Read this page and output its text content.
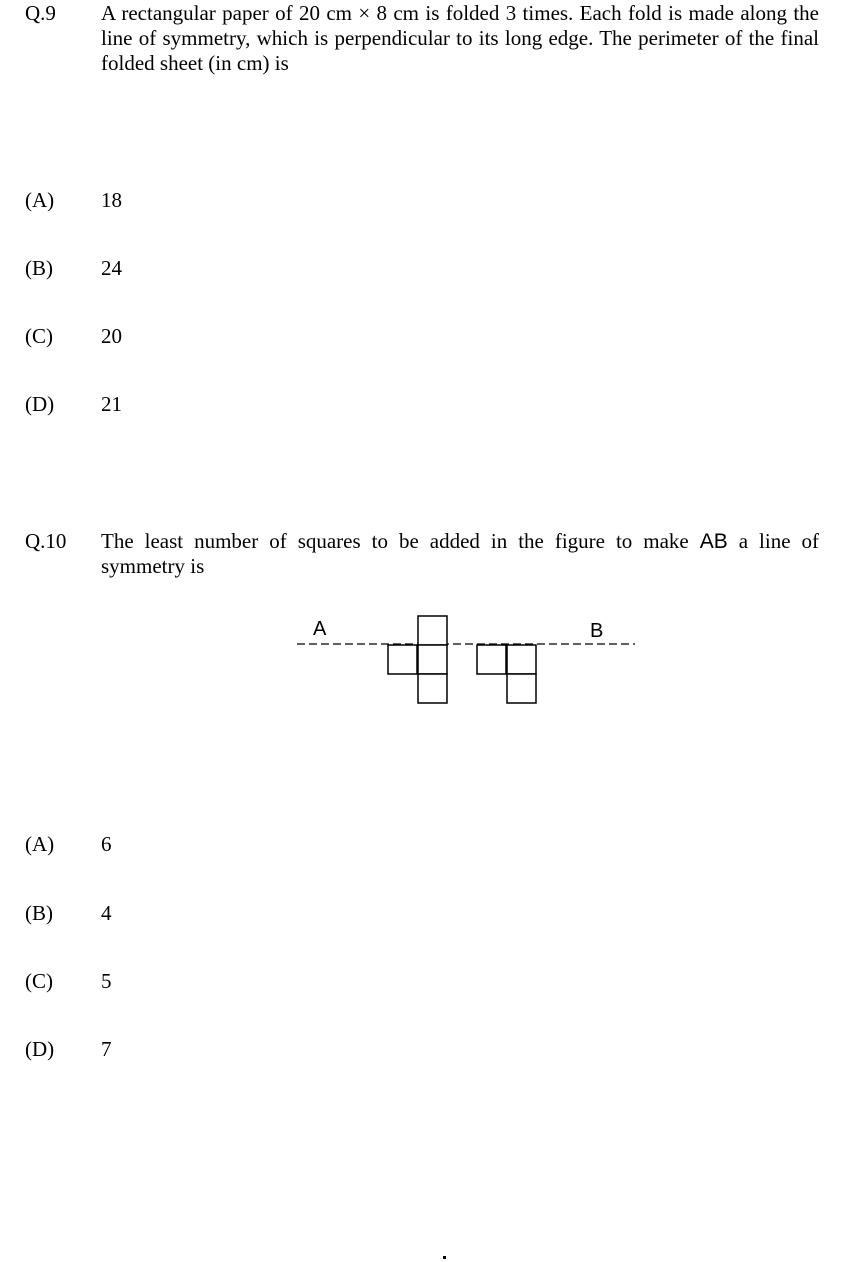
Q.9 A rectangular paper of 20 cm × 8 cm is folded 3 times. Each fold is made along the
line of symmetry, which is perpendicular to its long edge. The perimeter of the final
folded sheet (in cm) is
(A) 18
(B) 24
(C) 20
(D) 21
Q.10 The least number of squares to be added in the figure to make AB a line of
symmetry is
A	B
(A) 6
(B) 4
(C) 5
(D) 7
